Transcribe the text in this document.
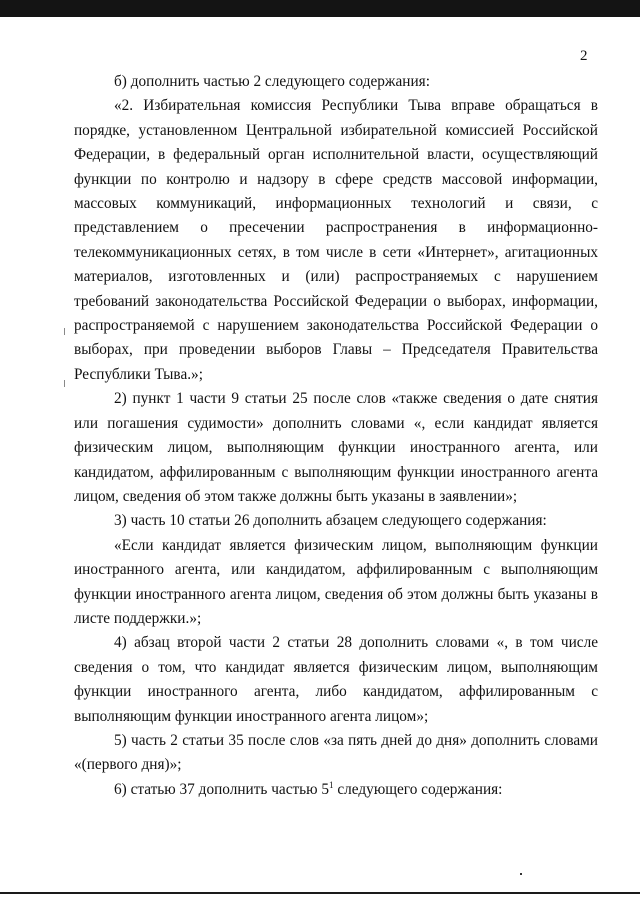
2

б) дополнить частью 2 следующего содержания:

«2. Избирательная комиссия Республики Тыва вправе обращаться в порядке, установленном Центральной избирательной комиссией Российской Федерации, в федеральный орган исполнительной власти, осуществляющий функции по контролю и надзору в сфере средств массовой информации, массовых коммуникаций, информационных технологий и связи, с представлением о пресечении распространения в информационно-телекоммуникационных сетях, в том числе в сети «Интернет», агитационных материалов, изготовленных и (или) распространяемых с нарушением требований законодательства Российской Федерации о выборах, информации, распространяемой с нарушением законодательства Российской Федерации о выборах, при проведении выборов Главы – Председателя Правительства Республики Тыва.»;

2) пункт 1 части 9 статьи 25 после слов «также сведения о дате снятия или погашения судимости» дополнить словами «, если кандидат является физическим лицом, выполняющим функции иностранного агента, или кандидатом, аффилированным с выполняющим функции иностранного агента лицом, сведения об этом также должны быть указаны в заявлении»;

3) часть 10 статьи 26 дополнить абзацем следующего содержания:

«Если кандидат является физическим лицом, выполняющим функции иностранного агента, или кандидатом, аффилированным с выполняющим функции иностранного агента лицом, сведения об этом должны быть указаны в листе поддержки.»;

4) абзац второй части 2 статьи 28 дополнить словами «, в том числе сведения о том, что кандидат является физическим лицом, выполняющим функции иностранного агента, либо кандидатом, аффилированным с выполняющим функции иностранного агента лицом»;

5) часть 2 статьи 35 после слов «за пять дней до дня» дополнить словами «(первого дня)»;

6) статью 37 дополнить частью $5^1$ следующего содержания:
